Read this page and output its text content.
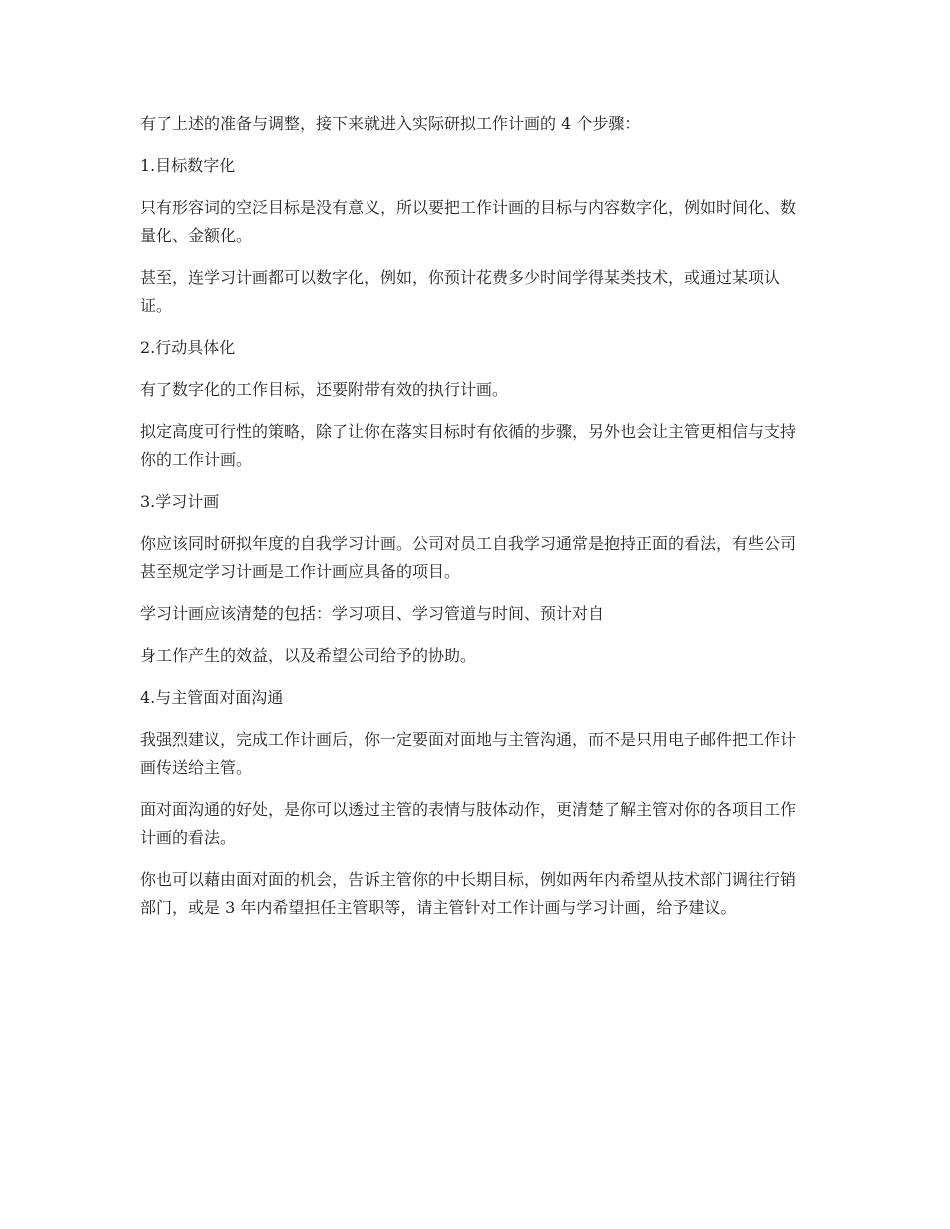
有了上述的准备与调整，接下来就进入实际研拟工作计画的 4 个步骤：

1.目标数字化

只有形容词的空泛目标是没有意义，所以要把工作计画的目标与内容数字化，例如时间化、数量化、金额化。

甚至，连学习计画都可以数字化，例如，你预计花费多少时间学得某类技术，或通过某项认证。

2.行动具体化

有了数字化的工作目标，还要附带有效的执行计画。

拟定高度可行性的策略，除了让你在落实目标时有依循的步骤，另外也会让主管更相信与支持你的工作计画。

3.学习计画

你应该同时研拟年度的自我学习计画。公司对员工自我学习通常是抱持正面的看法，有些公司甚至规定学习计画是工作计画应具备的项目。

学习计画应该清楚的包括：学习项目、学习管道与时间、预计对自

身工作产生的效益，以及希望公司给予的协助。

4.与主管面对面沟通

我强烈建议，完成工作计画后，你一定要面对面地与主管沟通，而不是只用电子邮件把工作计画传送给主管。

面对面沟通的好处，是你可以透过主管的表情与肢体动作，更清楚了解主管对你的各项目工作计画的看法。

你也可以藉由面对面的机会，告诉主管你的中长期目标，例如两年内希望从技术部门调往行销部门，或是 3 年内希望担任主管职等，请主管针对工作计画与学习计画，给予建议。
